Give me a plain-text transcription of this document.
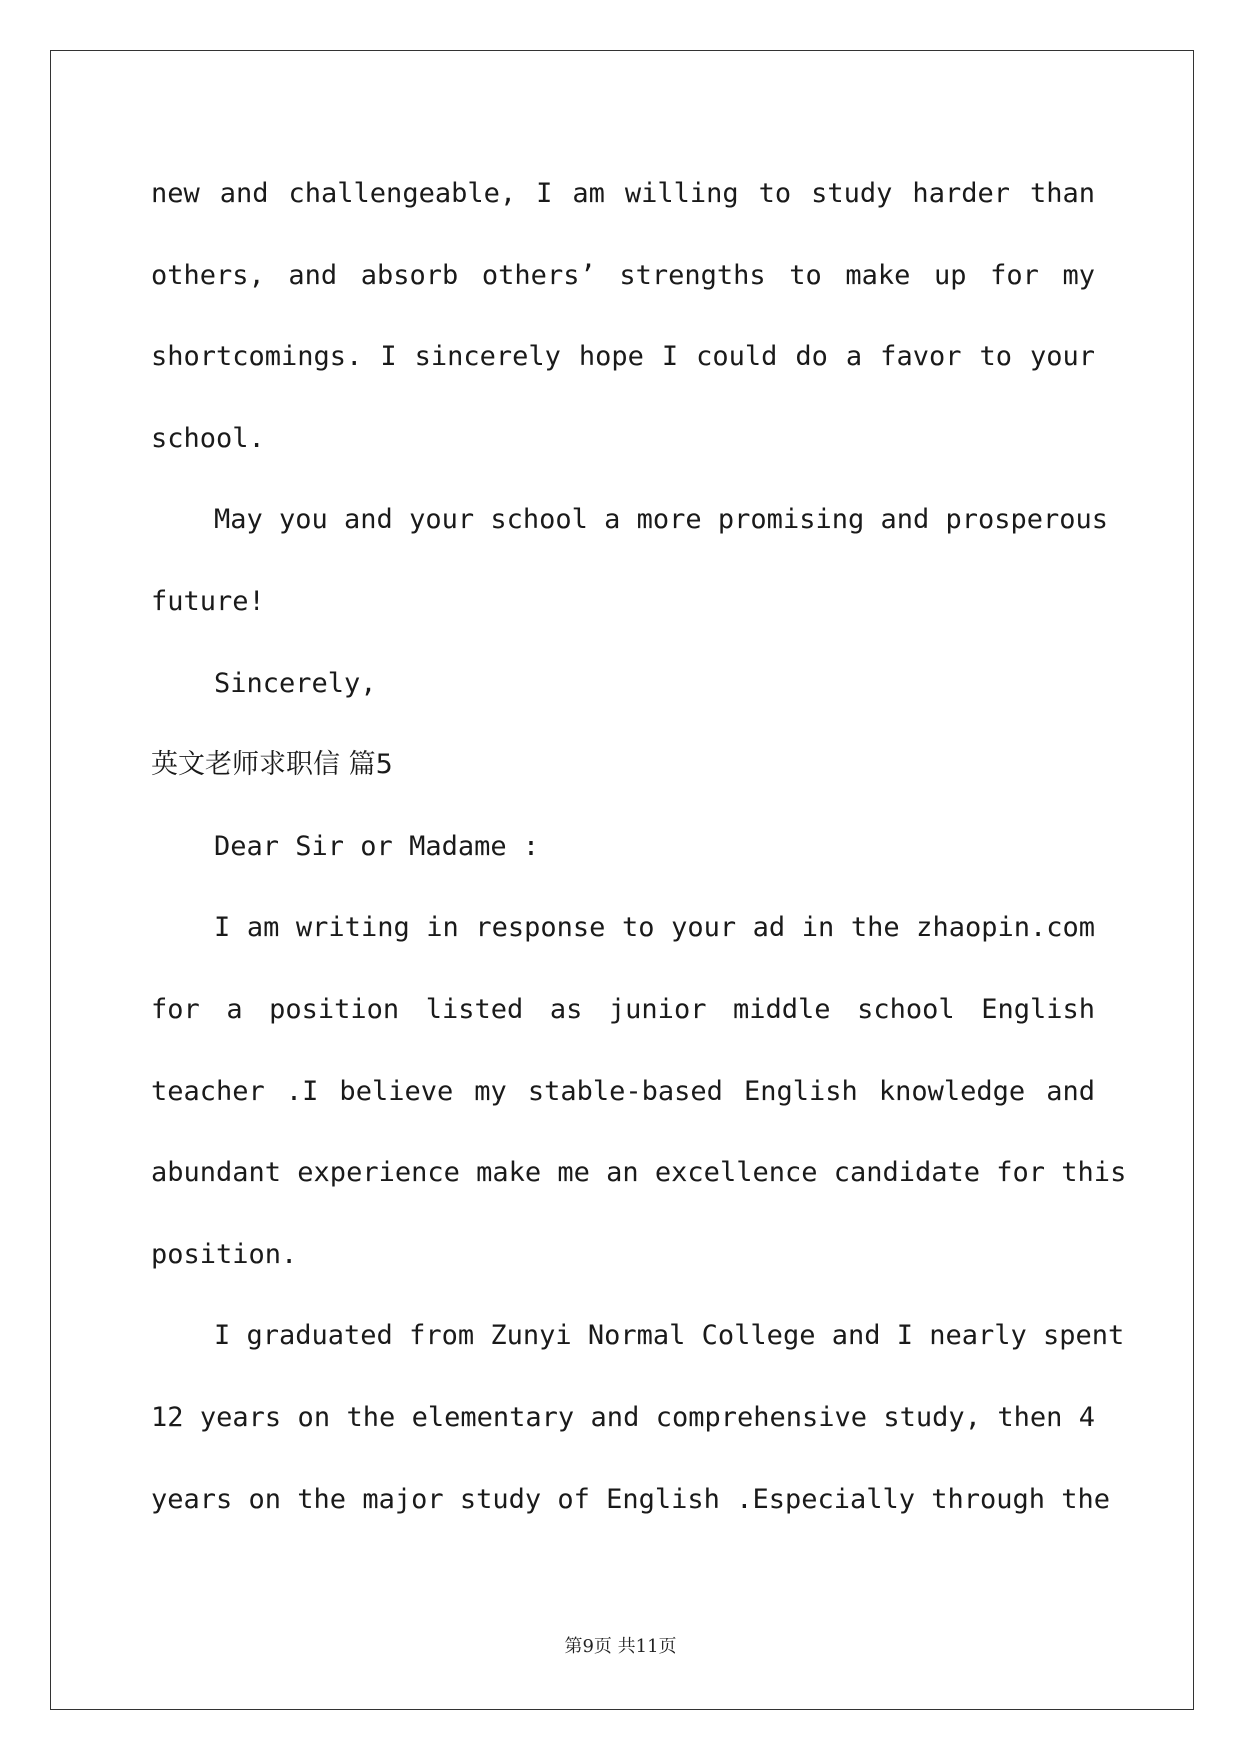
new and challengeable, I am willing to study harder than
others, and absorb others’ strengths to make up for my
shortcomings. I sincerely hope I could do a favor to your
school.
May you and your school a more promising and prosperous
future!
Sincerely,
英文老师求职信 篇5
Dear Sir or Madame :
I am writing in response to your ad in the zhaopin.com
for a position listed as junior middle school English
teacher .I believe my stable-based English knowledge and
abundant experience make me an excellence candidate for this
position.
I graduated from Zunyi Normal College and I nearly spent
12 years on the elementary and comprehensive study, then 4
years on the major study of English .Especially through the
第9页 共11页
